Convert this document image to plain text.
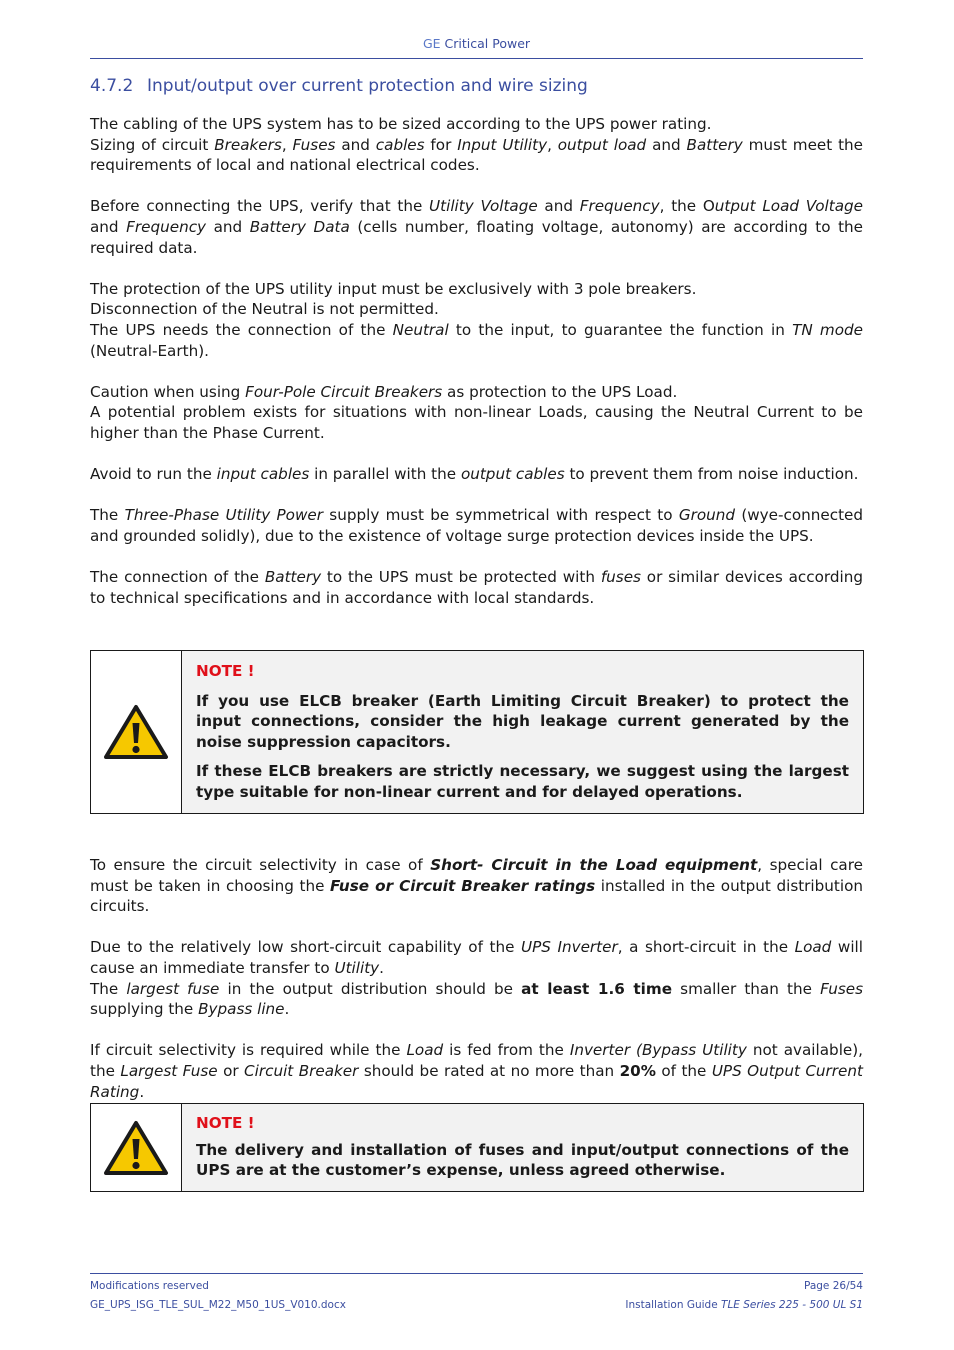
GE Critical Power
4.7.2 Input/output over current protection and wire sizing

The cabling of the UPS system has to be sized according to the UPS power rating.

Sizing of circuit Breakers, Fuses and cables for Input Utility, output load and Battery must meet the requirements of local and national electrical codes.

Before connecting the UPS, verify that the Utility Voltage and Frequency, the Output Load Voltage and Frequency and Battery Data (cells number, floating voltage, autonomy) are according to the required data.

The protection of the UPS utility input must be exclusively with 3 pole breakers.

Disconnection of the Neutral is not permitted.

The UPS needs the connection of the Neutral to the input, to guarantee the function in TN mode (Neutral-Earth).

Caution when using Four-Pole Circuit Breakers as protection to the UPS Load.

A potential problem exists for situations with non-linear Loads, causing the Neutral Current to be higher than the Phase Current.

Avoid to run the input cables in parallel with the output cables to prevent them from noise induction.

The Three-Phase Utility Power supply must be symmetrical with respect to Ground (wye-connected and grounded solidly), due to the existence of voltage surge protection devices inside the UPS.

The connection of the Battery to the UPS must be protected with fuses or similar devices according to technical specifications and in accordance with local standards.

NOTE !

If you use ELCB breaker (Earth Limiting Circuit Breaker) to protect the input connections, consider the high leakage current generated by the noise suppression capacitors.

If these ELCB breakers are strictly necessary, we suggest using the largest type suitable for non-linear current and for delayed operations.

To ensure the circuit selectivity in case of Short- Circuit in the Load equipment, special care must be taken in choosing the Fuse or Circuit Breaker ratings installed in the output distribution circuits.

Due to the relatively low short-circuit capability of the UPS Inverter, a short-circuit in the Load will cause an immediate transfer to Utility.

The largest fuse in the output distribution should be at least 1.6 time smaller than the Fuses supplying the Bypass line.

If circuit selectivity is required while the Load is fed from the Inverter (Bypass Utility not available), the Largest Fuse or Circuit Breaker should be rated at no more than 20% of the UPS Output Current Rating.

NOTE !

The delivery and installation of fuses and input/output connections of the UPS are at the customer’s expense, unless agreed otherwise.

Modifications reserved	Page 26/54
GE_UPS_ISG_TLE_SUL_M22_M50_1US_V010.docx	Installation Guide TLE Series 225 - 500 UL S1
